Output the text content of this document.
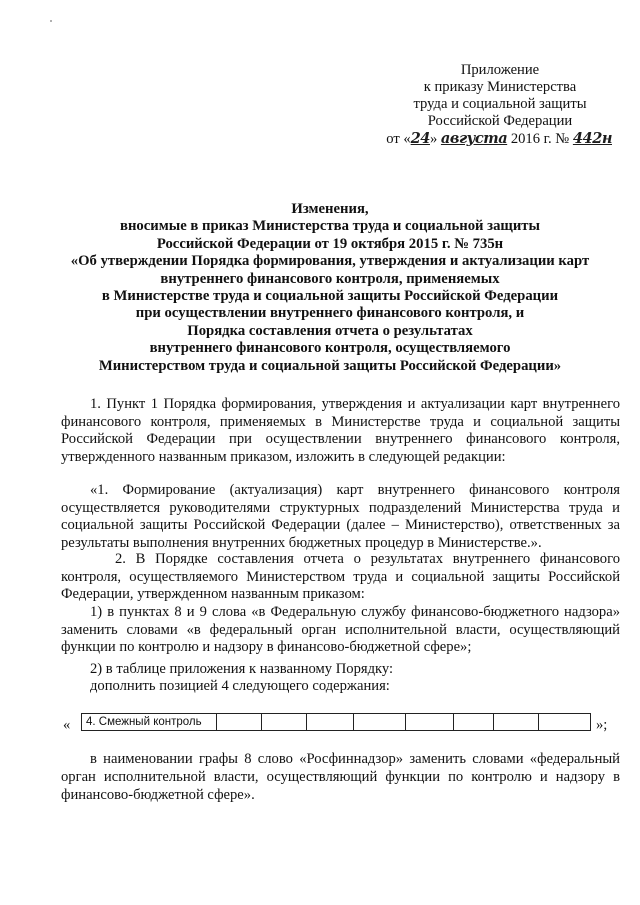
Приложение
к приказу Министерства
труда и социальной защиты
Российской Федерации
от «24» августа 2016 г. № 442н
Изменения,
вносимые в приказ Министерства труда и социальной защиты
Российской Федерации от 19 октября 2015 г. № 735н
«Об утверждении Порядка формирования, утверждения и актуализации карт
внутреннего финансового контроля, применяемых
в Министерстве труда и социальной защиты Российской Федерации
при осуществлении внутреннего финансового контроля, и
Порядка составления отчета о результатах
внутреннего финансового контроля, осуществляемого
Министерством труда и социальной защиты Российской Федерации»
1. Пункт 1 Порядка формирования, утверждения и актуализации карт внутреннего финансового контроля, применяемых в Министерстве труда и социальной защиты Российской Федерации при осуществлении внутреннего финансового контроля, утвержденного названным приказом, изложить в следующей редакции:
«1. Формирование (актуализация) карт внутреннего финансового контроля осуществляется руководителями структурных подразделений Министерства труда и социальной защиты Российской Федерации (далее – Министерство), ответственных за результаты выполнения внутренних бюджетных процедур в Министерстве.».
2. В Порядке составления отчета о результатах внутреннего финансового контроля, осуществляемого Министерством труда и социальной защиты Российской Федерации, утвержденном названным приказом:
1) в пунктах 8 и 9 слова «в Федеральную службу финансово-бюджетного надзора» заменить словами «в федеральный орган исполнительной власти, осуществляющий функции по контролю и надзору в финансово-бюджетной сфере»;
2) в таблице приложения к названному Порядку:
дополнить позицией 4 следующего содержания:
«	4. Смежный контроль	»;
в наименовании графы 8 слово «Росфиннадзор» заменить словами «федеральный орган исполнительной власти, осуществляющий функции по контролю и надзору в финансово-бюджетной сфере».
